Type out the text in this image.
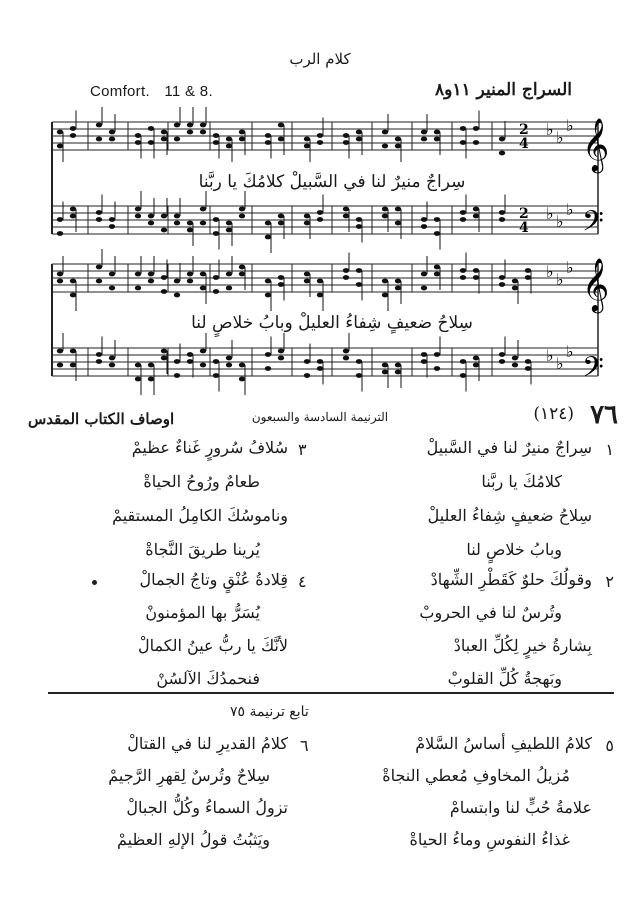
كلام الرب
Comfort. 11 & 8.	السراج المنير ١١و٨
𝄞
𝄢
𝄞
𝄢
♭ ♭
♭
♭ ♭
♭
♭ ♭
♭
♭ ♭
♭
2
4
2
4
سِراجٌ منيرٌ لنا في السَّبيلْ كلامُكَ يا ربَّنا
سِلاحُ ضعيفٍ شِفاءُ العليلْ وبابُ خلاصٍ لنا
٧٦
(١٢٤)
الترنيمة السادسة والسبعون
اوصاف الكتاب المقدس
١
سِراجٌ منيرٌ لنا في السَّبيلْ
كلامُكَ يا ربَّنا
سِلاحُ ضعيفٍ شِفاءُ العليلْ
وبابُ خلاصٍ لنا
٢
وقولُكَ حلوٌ كَقَطْرِ الشِّهادْ
وتُرسٌ لنا في الحروبْ
بِشارةُ خيرٍ لِكُلِّ العبادْ
وبَهجةُ كُلِّ القلوبْ
٣
سُلافُ سُرورٍ غَناءٌ عظيمْ
طعامٌ ورُوحُ الحياةْ
وناموسُكَ الكامِلُ المستقيمْ
يُرينا طريقَ النَّجاةْ
٤
قِلادةُ عُنْقٍ وتاجُ الجمالْ
يُسَرُّ بها المؤمنونْ
لأنَّكَ يا ربُّ عينُ الكمالْ
فنحمدُكَ الآلسُنْ
تابع ترنيمة ٧٥
٥
كلامُ اللطيفِ أساسُ السَّلامْ
مُزيلُ المخاوفِ مُعطي النجاةْ
علامةُ حُبٍّ لنا وابتسامْ
غذاءُ النفوسِ وماءُ الحياةْ
٦
كلامُ القديرِ لنا في القتالْ
سِلاحٌ وتُرسٌ لِقهرِ الرَّجيمْ
تزولُ السماءُ وكُلُّ الجبالْ
ويَثبُتُ قولُ الإلهِ العظيمْ
